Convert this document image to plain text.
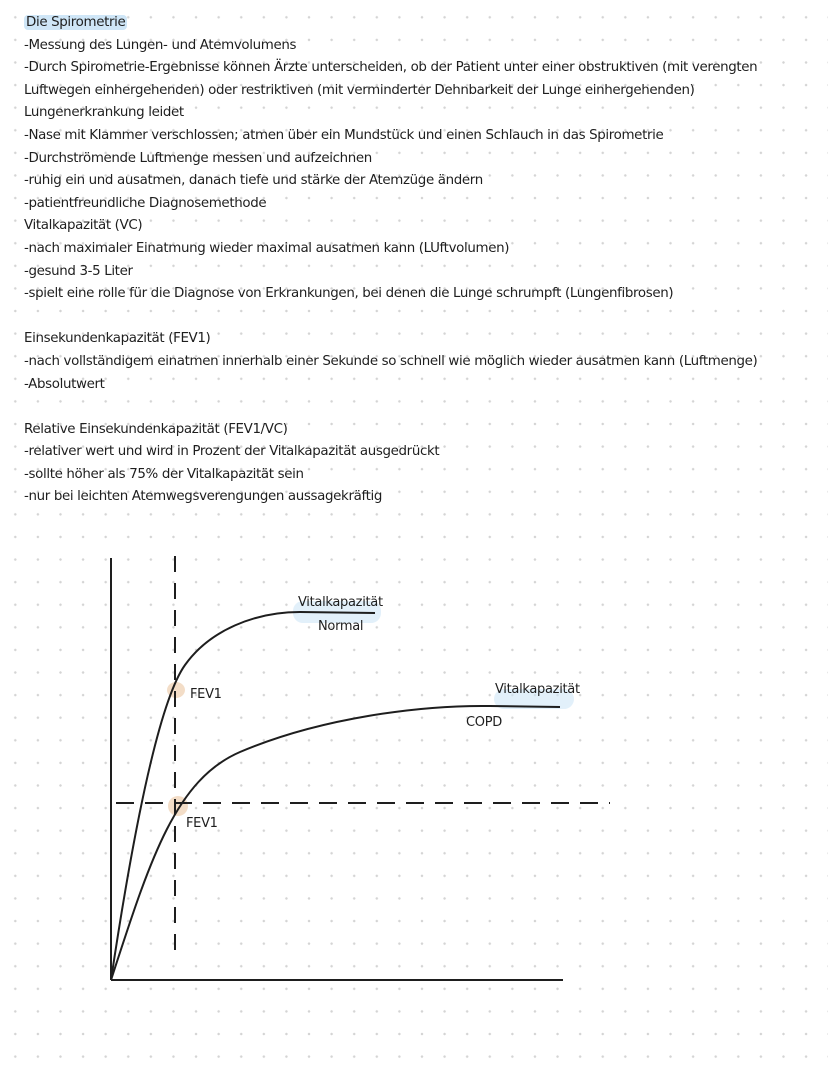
Die Spirometrie
-Messung des Lungen- und Atemvolumens
-Durch Spirometrie-Ergebnisse können Ärzte unterscheiden, ob der Patient unter einer obstruktiven (mit verengten Luftwegen einhergehenden) oder restriktiven (mit verminderter Dehnbarkeit der Lunge einhergehenden) Lungenerkrankung leidet
-Nase mit Klammer verschlossen; atmen über ein Mundstück und einen Schlauch in das Spirometrie
-Durchströmende Luftmenge messen und aufzeichnen
-ruhig ein und ausatmen, danach tiefe und stärke der Atemzüge ändern
-patientfreundliche Diagnosemethode
Vitalkapazität (VC)
-nach maximaler Einatmung wieder maximal ausatmen kann (LUftvolumen)
-gesund 3-5 Liter
-spielt eine rolle für die Diagnose von Erkrankungen, bei denen die Lunge schrumpft (Lungenfibrosen)
Einsekundenkapazität (FEV1)
-nach vollständigem einatmen innerhalb einer Sekunde so schnell wie möglich wieder ausatmen kann (Luftmenge)
-Absolutwert
Relative Einsekundenkapazität (FEV1/VC)
-relativer wert und wird in Prozent der Vitalkapazität ausgedrückt
-sollte höher als 75% der Vitalkapazität sein
-nur bei leichten Atemwegsverengungen aussagekräftig
Vitalkapazität
Normal
Vitalkapazität
COPD
FEV1
FEV1
